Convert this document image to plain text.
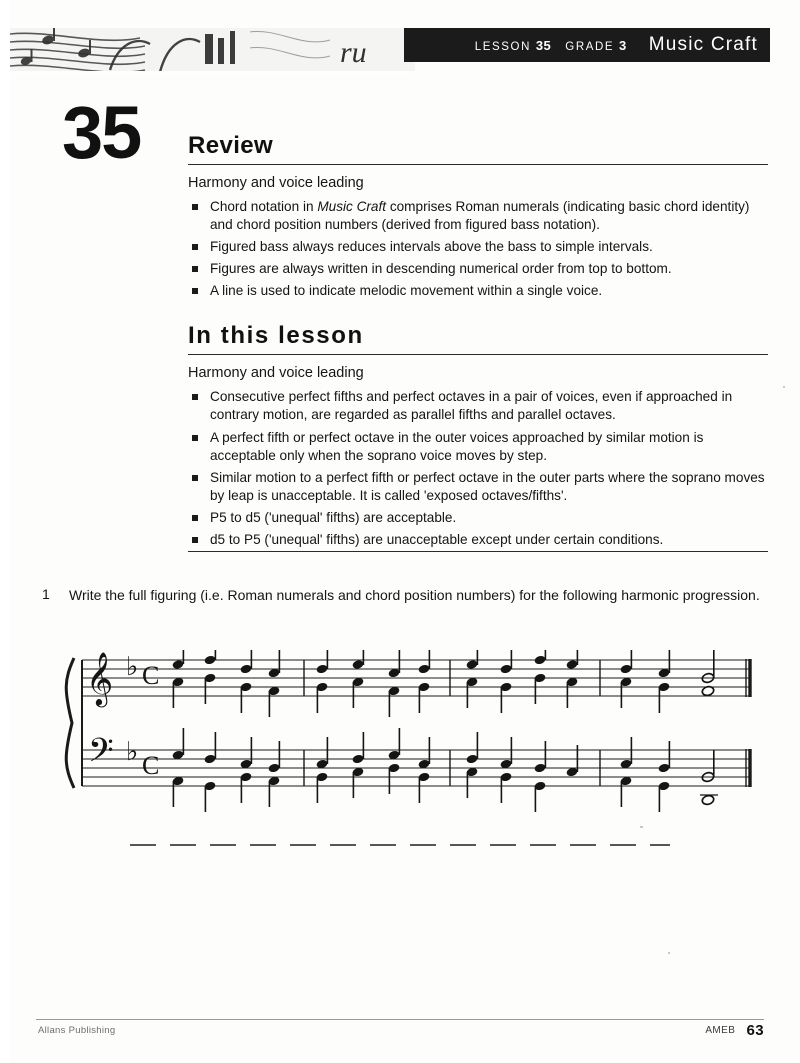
ru	LESSON 35 GRADE 3 Music Craft
35 Review
Harmony and voice leading
Chord notation in Music Craft comprises Roman numerals (indicating basic chord identity) and chord position numbers (derived from figured bass notation).
Figured bass always reduces intervals above the bass to simple intervals.
Figures are always written in descending numerical order from top to bottom.
A line is used to indicate melodic movement within a single voice.
In this lesson
Harmony and voice leading
Consecutive perfect fifths and perfect octaves in a pair of voices, even if approached in contrary motion, are regarded as parallel fifths and parallel octaves.
A perfect fifth or perfect octave in the outer voices approached by similar motion is acceptable only when the soprano voice moves by step.
Similar motion to a perfect fifth or perfect octave in the outer parts where the soprano moves by leap is unacceptable. It is called 'exposed octaves/fifths'.
P5 to d5 ('unequal' fifths) are acceptable.
d5 to P5 ('unequal' fifths) are unacceptable except under certain conditions.
1	Write the full figuring (i.e. Roman numerals and chord position numbers) for the following harmonic progression.
𝄞
𝄢
♭
♭
C
C
Allans Publishing	AMEB 63
